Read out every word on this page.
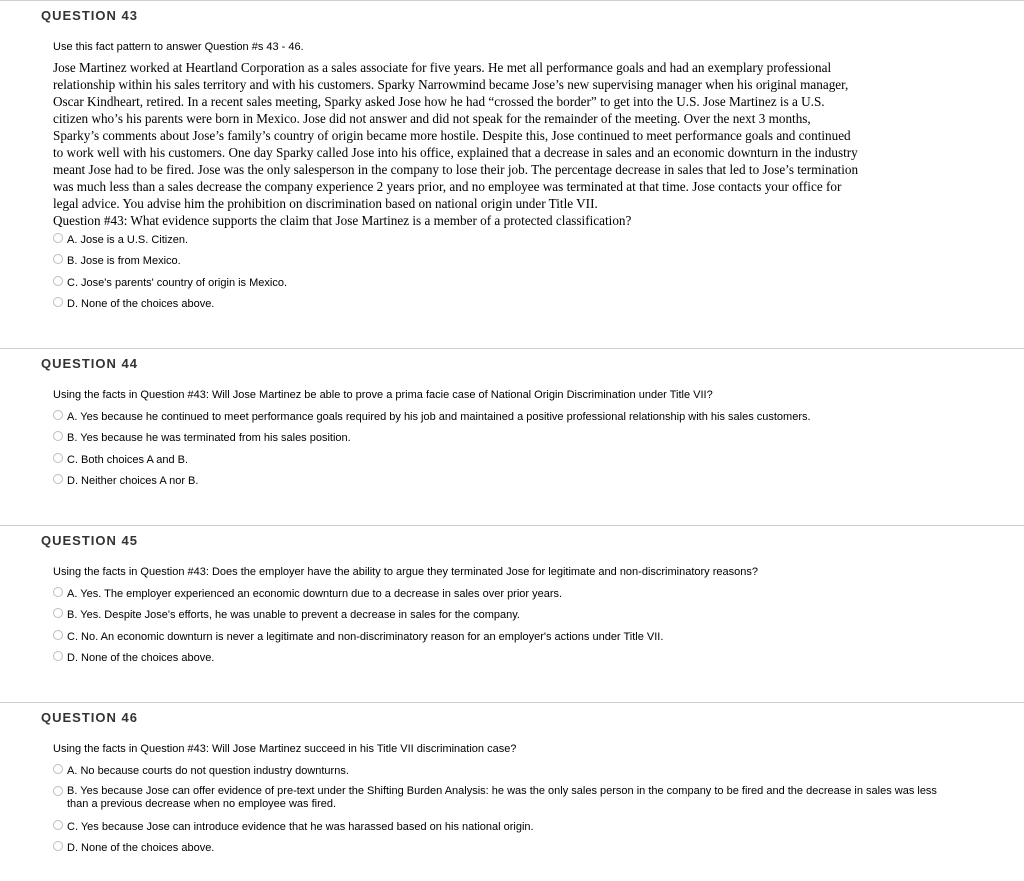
QUESTION 43
Use this fact pattern to answer Question #s 43 - 46.

Jose Martinez worked at Heartland Corporation as a sales associate for five years. He met all performance goals and had an exemplary professional

relationship within his sales territory and with his customers. Sparky Narrowmind became Jose’s new supervising manager when his original manager,

Oscar Kindheart, retired. In a recent sales meeting, Sparky asked Jose how he had “crossed the border” to get into the U.S. Jose Martinez is a U.S.

citizen who’s his parents were born in Mexico. Jose did not answer and did not speak for the remainder of the meeting. Over the next 3 months,

Sparky’s comments about Jose’s family’s country of origin became more hostile. Despite this, Jose continued to meet performance goals and continued

to work well with his customers. One day Sparky called Jose into his office, explained that a decrease in sales and an economic downturn in the industry

meant Jose had to be fired. Jose was the only salesperson in the company to lose their job. The percentage decrease in sales that led to Jose’s termination

was much less than a sales decrease the company experience 2 years prior, and no employee was terminated at that time. Jose contacts your office for

legal advice. You advise him the prohibition on discrimination based on national origin under Title VII.

Question #43: What evidence supports the claim that Jose Martinez is a member of a protected classification?

A. Jose is a U.S. Citizen.
B. Jose is from Mexico.
C. Jose's parents' country of origin is Mexico.
D. None of the choices above.
QUESTION 44
Using the facts in Question #43: Will Jose Martinez be able to prove a prima facie case of National Origin Discrimination under Title VII?
A. Yes because he continued to meet performance goals required by his job and maintained a positive professional relationship with his sales customers.
B. Yes because he was terminated from his sales position.
C. Both choices A and B.
D. Neither choices A nor B.
QUESTION 45
Using the facts in Question #43: Does the employer have the ability to argue they terminated Jose for legitimate and non-discriminatory reasons?
A. Yes. The employer experienced an economic downturn due to a decrease in sales over prior years.
B. Yes. Despite Jose's efforts, he was unable to prevent a decrease in sales for the company.
C. No. An economic downturn is never a legitimate and non-discriminatory reason for an employer's actions under Title VII.
D. None of the choices above.
QUESTION 46
Using the facts in Question #43: Will Jose Martinez succeed in his Title VII discrimination case?
A. No because courts do not question industry downturns.
B. Yes because Jose can offer evidence of pre-text under the Shifting Burden Analysis: he was the only sales person in the company to be fired and the decrease in sales was less than a previous decrease when no employee was fired.
C. Yes because Jose can introduce evidence that he was harassed based on his national origin.
D. None of the choices above.
